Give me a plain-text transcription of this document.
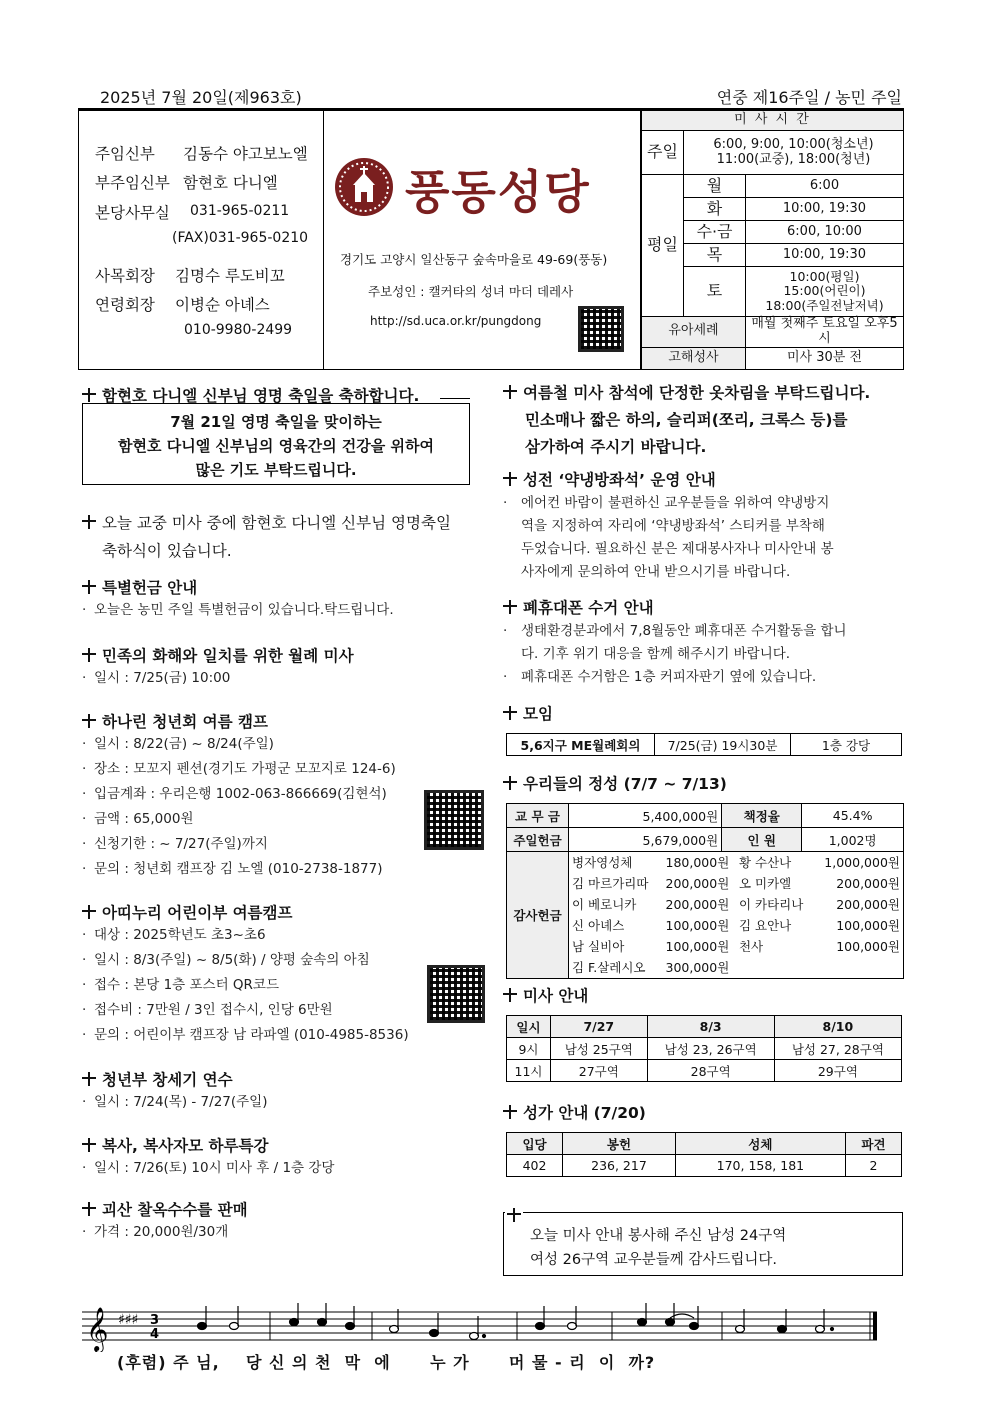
2025년 7월 20일(제963호)	연중 제16주일 / 농민 주일
주임신부 김동수 야고보노엘
부주임신부 함현호 다니엘
본당사무실 031-965-0211
(FAX)031-965-0210
사목회장 김명수 루도비꼬
연령회장 이병순 아녜스
010-9980-2499
풍동성당
경기도 고양시 일산동구 숲속마을로 49-69(풍동)
주보성인 : 캘커타의 성녀 마더 데레사
http://sd.uca.or.kr/pungdong
미 사 시 간		
주일	6:00, 9:00, 10:00(청소년)
11:00(교중), 18:00(청년)	

평일	월	6:00
	화	10:00, 19:30
	수·금	6:00, 10:00
	목	10:00, 19:30
	토	10:00(평일)
15:00(어린이)
18:00(주일전날저녁)

유아세례		매월 첫째주 토요일 오후5시
고해성사		미사 30분 전
함현호 다니엘 신부님 영명 축일을 축하합니다.
7월 21일 영명 축일을 맞이하는
함현호 다니엘 신부님의 영육간의 건강을 위하여
많은 기도 부탁드립니다.
오늘 교중 미사 중에 함현호 다니엘 신부님 영명축일
축하식이 있습니다.
특별헌금 안내
· 오늘은 농민 주일 특별헌금이 있습니다.탁드립니다.
민족의 화해와 일치를 위한 월례 미사
· 일시 : 7/25(금) 10:00
하나린 청년회 여름 캠프
· 일시 : 8/22(금) ~ 8/24(주일)
· 장소 : 모꼬지 펜션(경기도 가평군 모꼬지로 124-6)
· 입금계좌 : 우리은행 1002-063-866669(김현석)
· 금액 : 65,000원
· 신청기한 : ~ 7/27(주일)까지
· 문의 : 청년회 캠프장 김 노엘 (010-2738-1877)
아띠누리 어린이부 여름캠프
· 대상 : 2025학년도 초3~초6
· 일시 : 8/3(주일) ~ 8/5(화) / 양평 숲속의 아침
· 접수 : 본당 1층 포스터 QR코드
· 접수비 : 7만원 / 3인 접수시, 인당 6만원
· 문의 : 어린이부 캠프장 남 라파엘 (010-4985-8536)
청년부 창세기 연수
· 일시 : 7/24(목) - 7/27(주일)
복사, 복사자모 하루특강
· 일시 : 7/26(토) 10시 미사 후 / 1층 강당
괴산 찰옥수수를 판매
· 가격 : 20,000원/30개
여름철 미사 참석에 단정한 옷차림을 부탁드립니다.
민소매나 짧은 하의, 슬리퍼(쪼리, 크록스 등)를
삼가하여 주시기 바랍니다.
성전 ‘약냉방좌석’ 운영 안내
· 에어컨 바람이 불편하신 교우분들을 위하여 약냉방지
역을 지정하여 자리에 ‘약냉방좌석’ 스티커를 부착해
두었습니다. 필요하신 분은 제대봉사자나 미사안내 봉
사자에게 문의하여 안내 받으시기를 바랍니다.
폐휴대폰 수거 안내
· 생태환경분과에서 7,8월동안 폐휴대폰 수거활동을 합니
다. 기후 위기 대응을 함께 해주시기 바랍니다.
· 폐휴대폰 수거함은 1층 커피자판기 옆에 있습니다.
모임
5,6지구 ME월례회의	7/25(금) 19시30분	1층 강당
우리들의 정성 (7/7 ~ 7/13)
교 무 금	5,400,000원	책정율	45.4%
주일헌금	5,679,000원	인 원	1,002명
감사헌금	
병자영성체	180,000원	황 수산나	1,000,000원
김 마르가리따	200,000원	오 미카엘	200,000원
이 베로니카	200,000원	이 카타리나	200,000원
신 아녜스	100,000원	김 요안나	100,000원
남 실비아	100,000원	천사	100,000원
김 F.살레시오	300,000원		
미사 안내
일시	7/27	8/3	8/10
9시	남성 25구역	남성 23, 26구역	남성 27, 28구역
11시	27구역	28구역	29구역
성가 안내 (7/20)
입당	봉헌	성체	파견
402	236, 217	170, 158, 181	2
오늘 미사 안내 봉사해 주신 남성 24구역
여성 26구역 교우분들께 감사드립니다.
𝄞 ♯♯♯ 3
4
(후렴) 주 님,    당 신 의 천  막  에      누 가      머 물 - 리  이  까?
